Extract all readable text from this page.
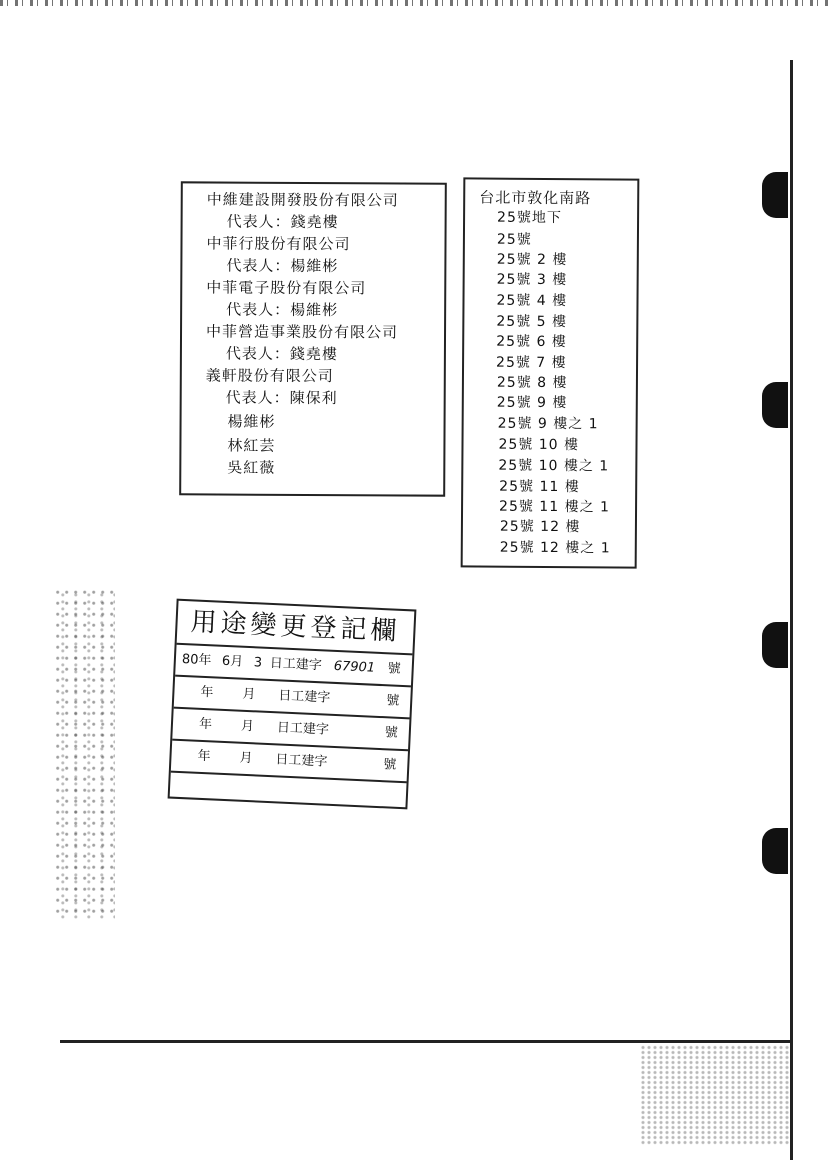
中維建設開發股份有限公司
代表人：錢堯樓
中菲行股份有限公司
代表人：楊維彬
中菲電子股份有限公司
代表人：楊維彬
中菲營造事業股份有限公司
代表人：錢堯樓
義軒股份有限公司
代表人：陳保利
楊維彬
林紅芸
吳紅薇
台北市敦化南路
25號地下
25號
25號 2 樓
25號 3 樓
25號 4 樓
25號 5 樓
25號 6 樓
25號 7 樓
25號 8 樓
25號 9 樓
25號 9 樓之 1
25號 10 樓
25號 10 樓之 1
25號 11 樓
25號 11 樓之 1
25號 12 樓
25號 12 樓之 1
用途變更登記欄
80年 6月 3 日工建字 67901 號
年 月 日工建字	號
年 月 日工建字	號
年 月 日工建字	號
